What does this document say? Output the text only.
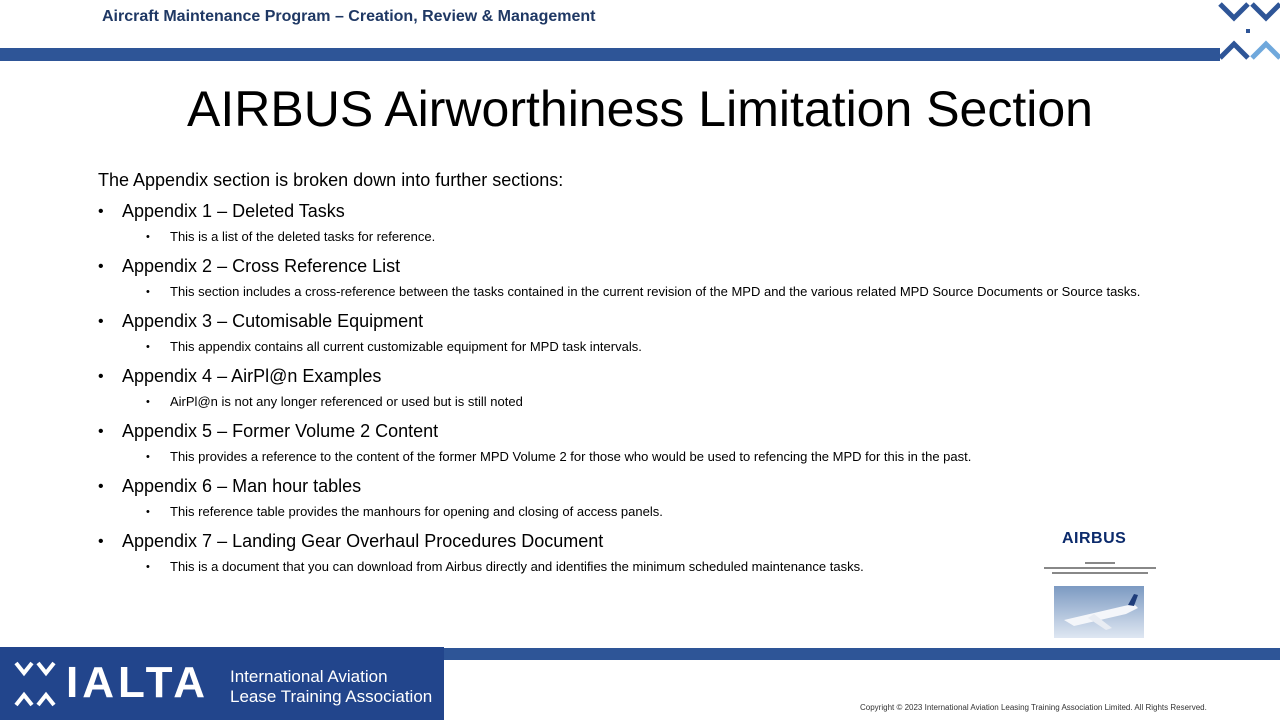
Aircraft Maintenance Program – Creation, Review & Management
AIRBUS Airworthiness Limitation Section

The Appendix section is broken down into further sections:

• Appendix 1 – Deleted Tasks
• This is a list of the deleted tasks for reference.
• Appendix 2 – Cross Reference List
• This section includes a cross-reference between the tasks contained in the current revision of the MPD and the various related MPD Source Documents or Source tasks.
• Appendix 3 – Cutomisable Equipment
• This appendix contains all current customizable equipment for MPD task intervals.
• Appendix 4 – AirPl@n Examples
• AirPl@n is not any longer referenced or used but is still noted
• Appendix 5 – Former Volume 2 Content
• This provides a reference to the content of the former MPD Volume 2 for those who would be used to refencing the MPD for this in the past.
• Appendix 6 – Man hour tables
• This reference table provides the manhours for opening and closing of access panels.
• Appendix 7 – Landing Gear Overhaul Procedures Document
• This is a document that you can download from Airbus directly and identifies the minimum scheduled maintenance tasks.
AIRBUS
IALTA International Aviation
Lease Training Association
Copyright © 2023 International Aviation Leasing Training Association Limited. All Rights Reserved.
